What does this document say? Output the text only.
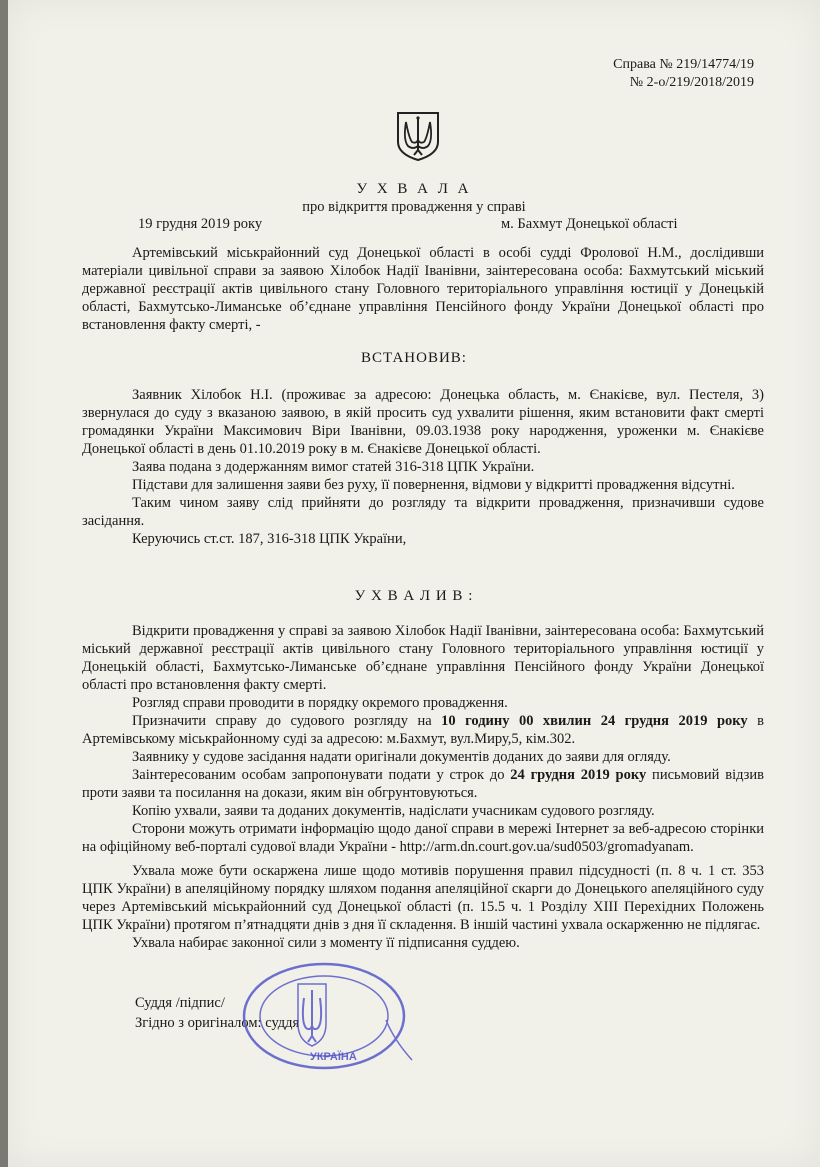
Справа № 219/14774/19
№ 2-о/219/2018/2019
У Х В А Л А
про відкриття провадження у справі
19 грудня 2019 року	м. Бахмут Донецької області

Артемівський міськрайонний суд Донецької області в особі судді Фролової Н.М., дослідивши матеріали цивільної справи за заявою Хілобок Надії Іванівни, заінтересована особа: Бахмутський міський державної реєстрації актів цивільного стану Головного територіального управління юстиції у Донецькій області, Бахмутсько-Лиманське об’єднане управління Пенсійного фонду України Донецької області про встановлення факту смерті, -

ВСТАНОВИВ:

Заявник Хілобок Н.І. (проживає за адресою: Донецька область, м. Єнакієве, вул. Пестеля, 3) звернулася до суду з вказаною заявою, в якій просить суд ухвалити рішення, яким встановити факт смерті громадянки України Максимович Віри Іванівни, 09.03.1938 року народження, уроженки м. Єнакієве Донецької області в день 01.10.2019 року в м. Єнакієве Донецької області.

Заява подана з додержанням вимог статей 316-318 ЦПК України.

Підстави для залишення заяви без руху, її повернення, відмови у відкритті провадження відсутні.

Таким чином заяву слід прийняти до розгляду та відкрити провадження, призначивши судове засідання.

Керуючись ст.ст. 187, 316-318 ЦПК України,

У Х В А Л И В :

Відкрити провадження у справі за заявою Хілобок Надії Іванівни, заінтересована особа: Бахмутський міський державної реєстрації актів цивільного стану Головного територіального управління юстиції у Донецькій області, Бахмутсько-Лиманське об’єднане управління Пенсійного фонду України Донецької області про встановлення факту смерті.

Розгляд справи проводити в порядку окремого провадження.

Призначити справу до судового розгляду на 10 годину 00 хвилин 24 грудня 2019 року в Артемівському міськрайонному суді за адресою: м.Бахмут, вул.Миру,5, кім.302.

Заявнику у судове засідання надати оригінали документів доданих до заяви для огляду.

Заінтересованим особам запропонувати подати у строк до 24 грудня 2019 року письмовий відзив проти заяви та посилання на докази, яким він обгрунтовуються.

Копію ухвали, заяви та доданих документів, надіслати учасникам судового розгляду.

Сторони можуть отримати інформацію щодо даної справи в мережі Інтернет за веб-адресою сторінки на офіційному веб-порталі судової влади України - http://arm.dn.court.gov.ua/sud0503/gromadyanam.

Ухвала може бути оскаржена лише щодо мотивів порушення правил підсудності (п. 8 ч. 1 ст. 353 ЦПК України) в апеляційному порядку шляхом подання апеляційної скарги до Донецького апеляційного суду через Артемівський міськрайонний суд Донецької області (п. 15.5 ч. 1 Розділу XIII Перехідних Положень ЦПК України) протягом п’ятнадцяти днів з дня її складення. В іншій частині ухвала оскарженню не підлягає.

Ухвала набирає законної сили з моменту її підписання суддею.

Суддя /підпис/
Згідно з оригіналом: суддя
УКРАЇНА
